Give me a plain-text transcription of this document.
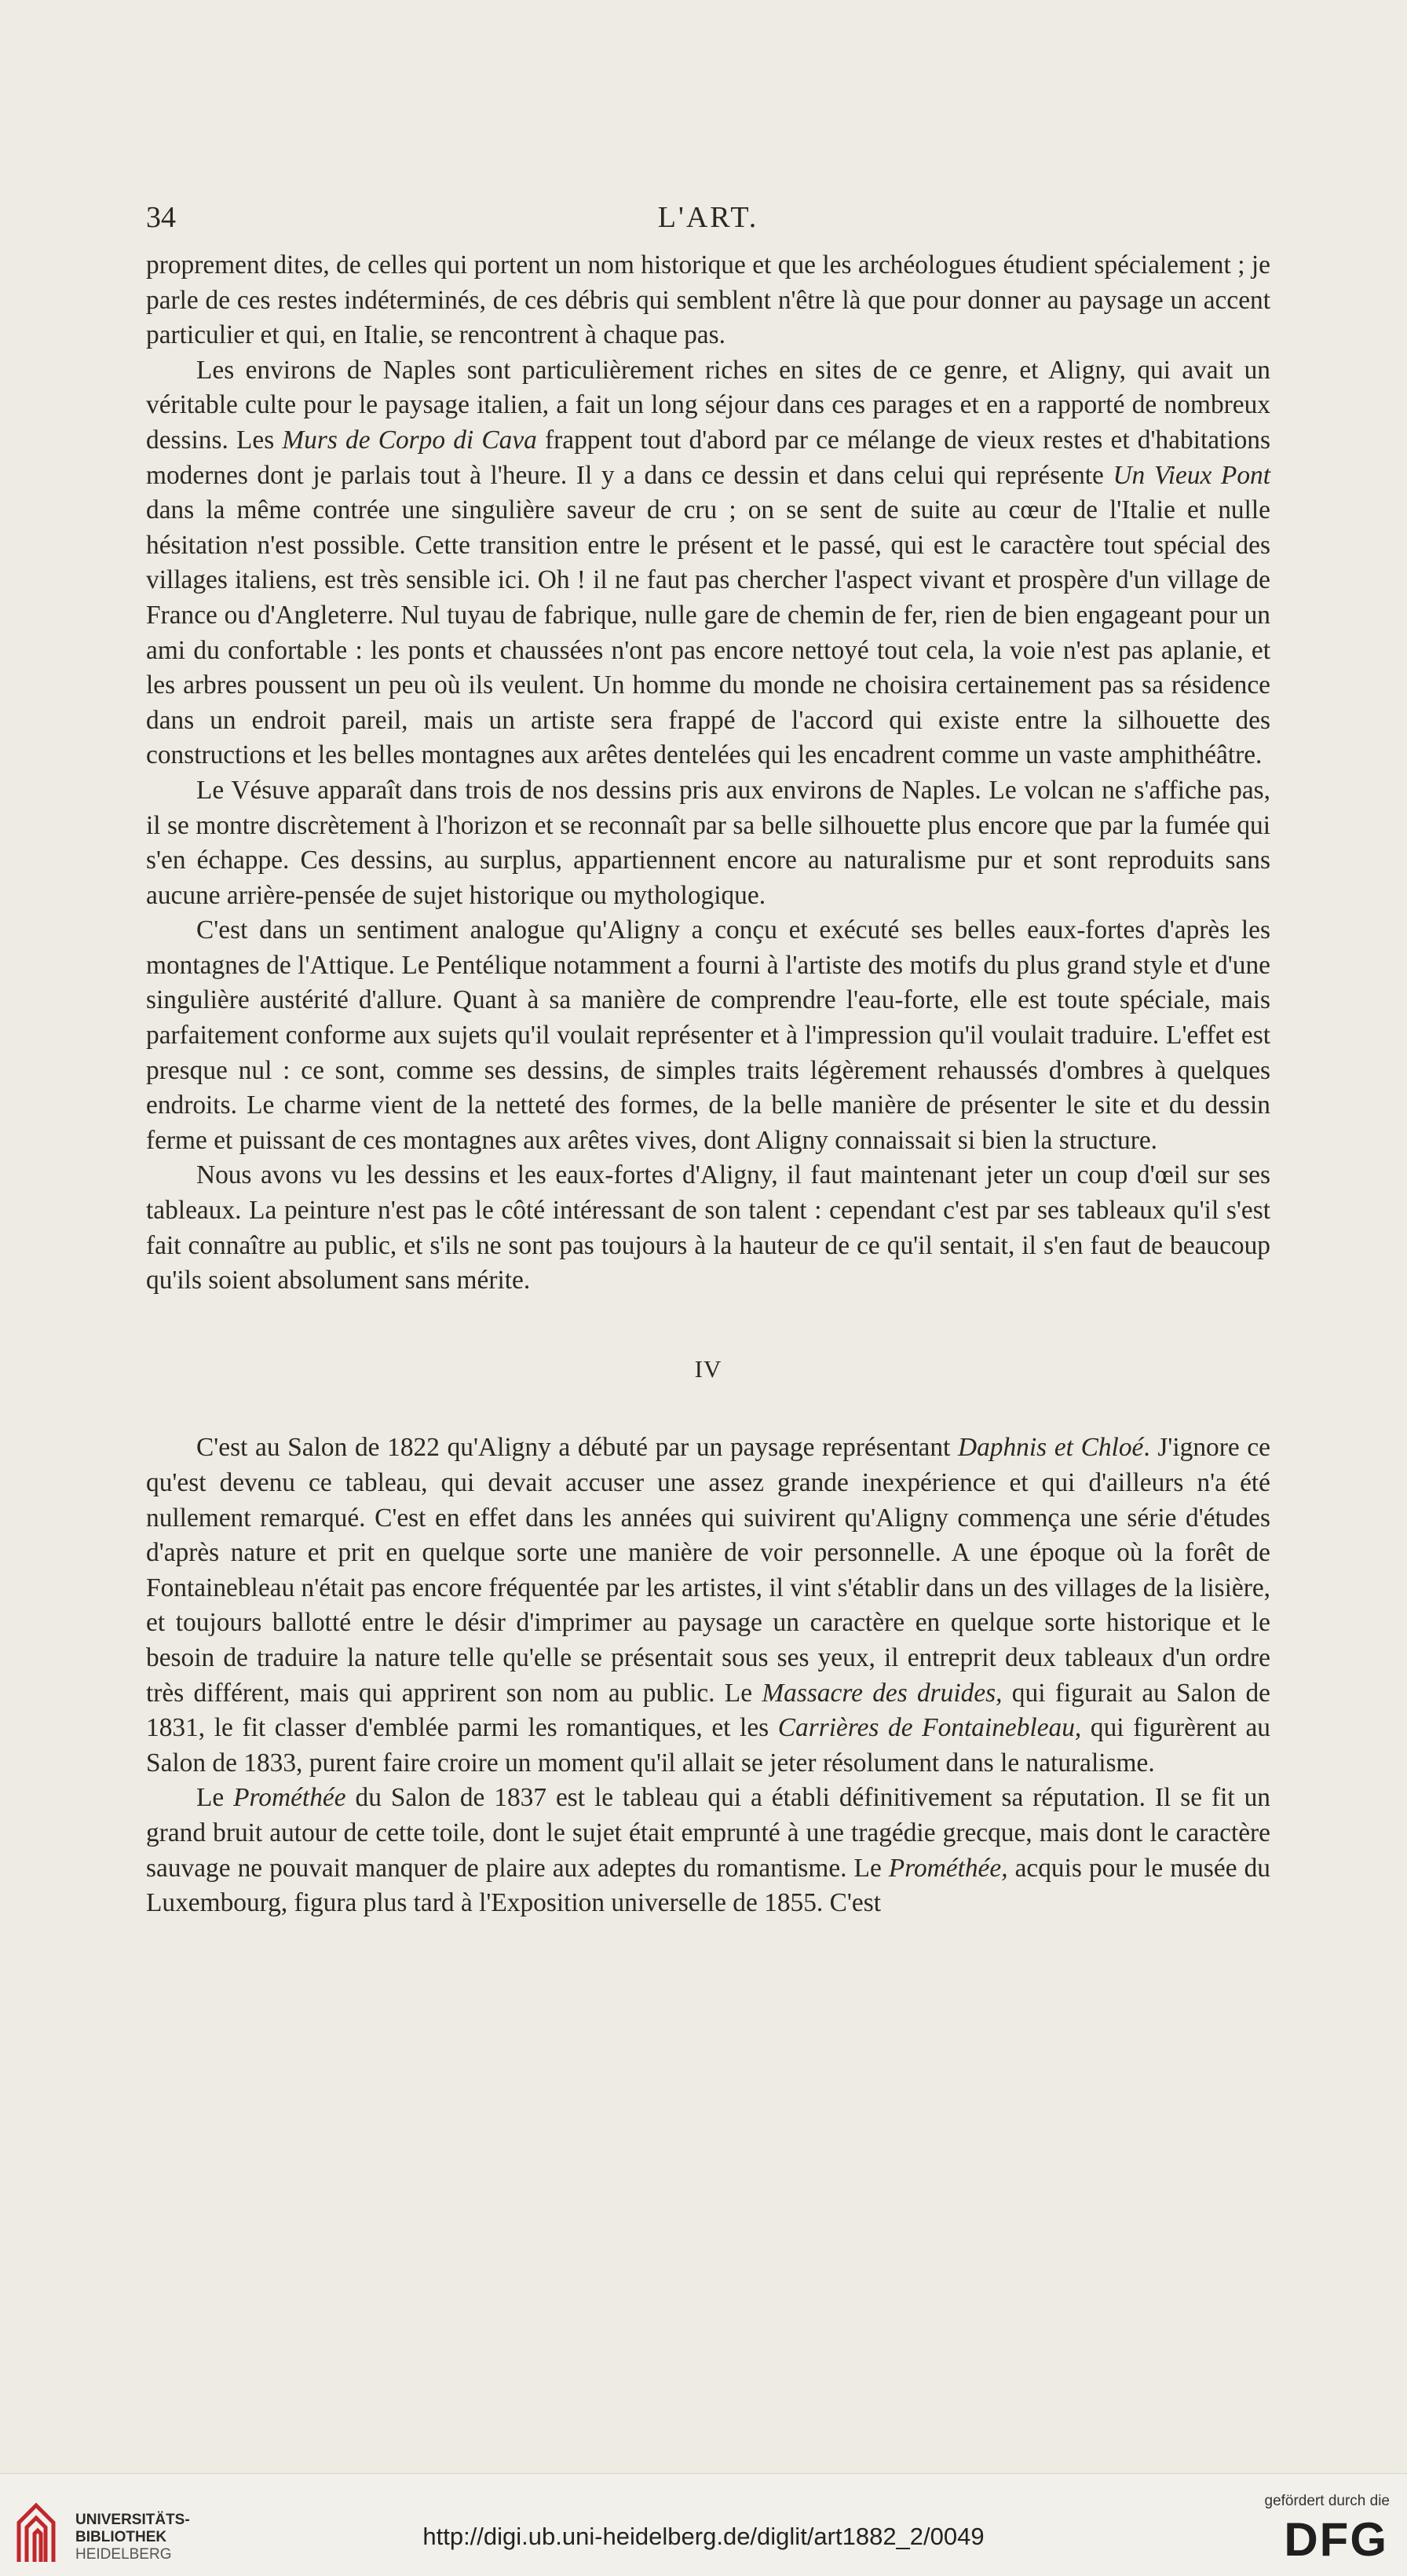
34	L'ART.

proprement dites, de celles qui portent un nom historique et que les archéologues étudient spécialement ; je parle de ces restes indéterminés, de ces débris qui semblent n'être là que pour donner au paysage un accent particulier et qui, en Italie, se rencontrent à chaque pas.

Les environs de Naples sont particulièrement riches en sites de ce genre, et Aligny, qui avait un véritable culte pour le paysage italien, a fait un long séjour dans ces parages et en a rapporté de nombreux dessins. Les Murs de Corpo di Cava frappent tout d'abord par ce mélange de vieux restes et d'habitations modernes dont je parlais tout à l'heure. Il y a dans ce dessin et dans celui qui représente Un Vieux Pont dans la même contrée une singulière saveur de cru ; on se sent de suite au cœur de l'Italie et nulle hésitation n'est possible. Cette transition entre le présent et le passé, qui est le caractère tout spécial des villages italiens, est très sensible ici. Oh ! il ne faut pas chercher l'aspect vivant et prospère d'un village de France ou d'Angleterre. Nul tuyau de fabrique, nulle gare de chemin de fer, rien de bien engageant pour un ami du confortable : les ponts et chaussées n'ont pas encore nettoyé tout cela, la voie n'est pas aplanie, et les arbres poussent un peu où ils veulent. Un homme du monde ne choisira certainement pas sa résidence dans un endroit pareil, mais un artiste sera frappé de l'accord qui existe entre la silhouette des constructions et les belles montagnes aux arêtes dentelées qui les encadrent comme un vaste amphithéâtre.

Le Vésuve apparaît dans trois de nos dessins pris aux environs de Naples. Le volcan ne s'affiche pas, il se montre discrètement à l'horizon et se reconnaît par sa belle silhouette plus encore que par la fumée qui s'en échappe. Ces dessins, au surplus, appartiennent encore au naturalisme pur et sont reproduits sans aucune arrière-pensée de sujet historique ou mythologique.

C'est dans un sentiment analogue qu'Aligny a conçu et exécuté ses belles eaux-fortes d'après les montagnes de l'Attique. Le Pentélique notamment a fourni à l'artiste des motifs du plus grand style et d'une singulière austérité d'allure. Quant à sa manière de comprendre l'eau-forte, elle est toute spéciale, mais parfaitement conforme aux sujets qu'il voulait représenter et à l'impression qu'il voulait traduire. L'effet est presque nul : ce sont, comme ses dessins, de simples traits légèrement rehaussés d'ombres à quelques endroits. Le charme vient de la netteté des formes, de la belle manière de présenter le site et du dessin ferme et puissant de ces montagnes aux arêtes vives, dont Aligny connaissait si bien la structure.

Nous avons vu les dessins et les eaux-fortes d'Aligny, il faut maintenant jeter un coup d'œil sur ses tableaux. La peinture n'est pas le côté intéressant de son talent : cependant c'est par ses tableaux qu'il s'est fait connaître au public, et s'ils ne sont pas toujours à la hauteur de ce qu'il sentait, il s'en faut de beaucoup qu'ils soient absolument sans mérite.

IV

C'est au Salon de 1822 qu'Aligny a débuté par un paysage représentant Daphnis et Chloé. J'ignore ce qu'est devenu ce tableau, qui devait accuser une assez grande inexpérience et qui d'ailleurs n'a été nullement remarqué. C'est en effet dans les années qui suivirent qu'Aligny commença une série d'études d'après nature et prit en quelque sorte une manière de voir personnelle. A une époque où la forêt de Fontainebleau n'était pas encore fréquentée par les artistes, il vint s'établir dans un des villages de la lisière, et toujours ballotté entre le désir d'imprimer au paysage un caractère en quelque sorte historique et le besoin de traduire la nature telle qu'elle se présentait sous ses yeux, il entreprit deux tableaux d'un ordre très différent, mais qui apprirent son nom au public. Le Massacre des druides, qui figurait au Salon de 1831, le fit classer d'emblée parmi les romantiques, et les Carrières de Fontainebleau, qui figurèrent au Salon de 1833, purent faire croire un moment qu'il allait se jeter résolument dans le naturalisme.

Le Prométhée du Salon de 1837 est le tableau qui a établi définitivement sa réputation. Il se fit un grand bruit autour de cette toile, dont le sujet était emprunté à une tragédie grecque, mais dont le caractère sauvage ne pouvait manquer de plaire aux adeptes du romantisme. Le Prométhée, acquis pour le musée du Luxembourg, figura plus tard à l'Exposition universelle de 1855. C'est

UNIVERSITÄTS-
BIBLIOTHEK
HEIDELBERG
http://digi.ub.uni-heidelberg.de/diglit/art1882_2/0049
gefördert durch die
DFG
